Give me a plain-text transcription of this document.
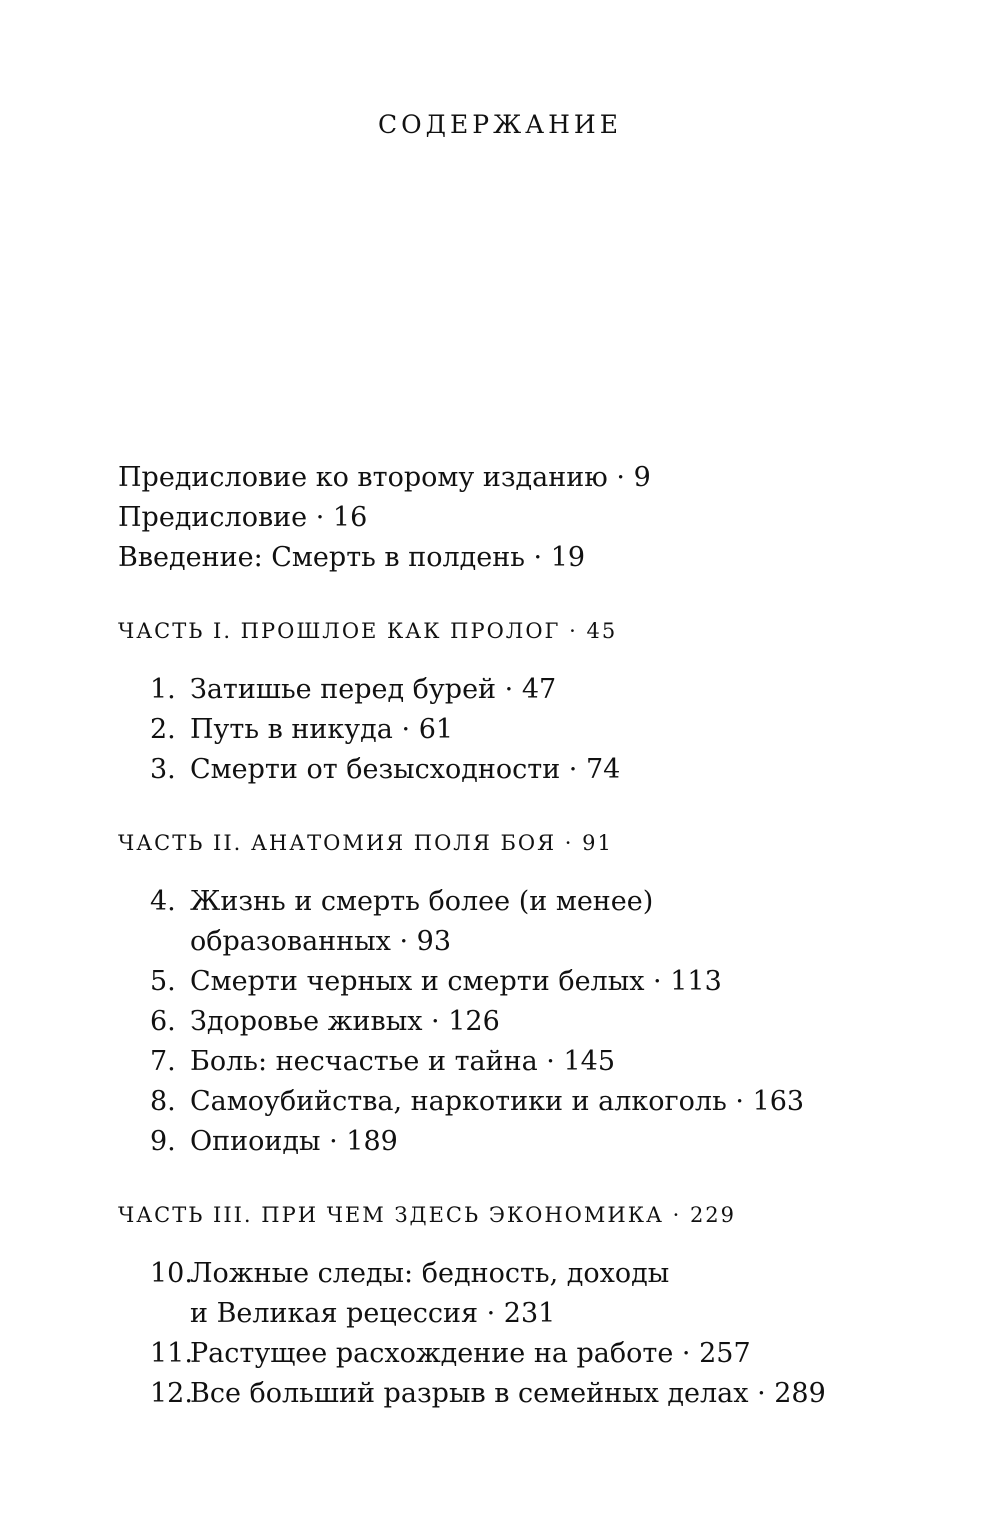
СОДЕРЖАНИЕ
Предисловие ко второму изданию · 9
Предисловие · 16
Введение: Смерть в полдень · 19
ЧАСТЬ I. ПРОШЛОЕ КАК ПРОЛОГ · 45
1. Затишье перед бурей · 47
2. Путь в никуда · 61
3. Смерти от безысходности · 74
ЧАСТЬ II. АНАТОМИЯ ПОЛЯ БОЯ · 91
4. Жизнь и смерть более (и менее)
образованных · 93
5. Смерти черных и смерти белых · 113
6. Здоровье живых · 126
7. Боль: несчастье и тайна · 145
8. Самоубийства, наркотики и алкоголь · 163
9. Опиоиды · 189
ЧАСТЬ III. ПРИ ЧЕМ ЗДЕСЬ ЭКОНОМИКА · 229
10.
Ложные следы: бедность, доходы
и Великая рецессия · 231
11.
Растущее расхождение на работе · 257
12.
Все больший разрыв в семейных делах · 289
